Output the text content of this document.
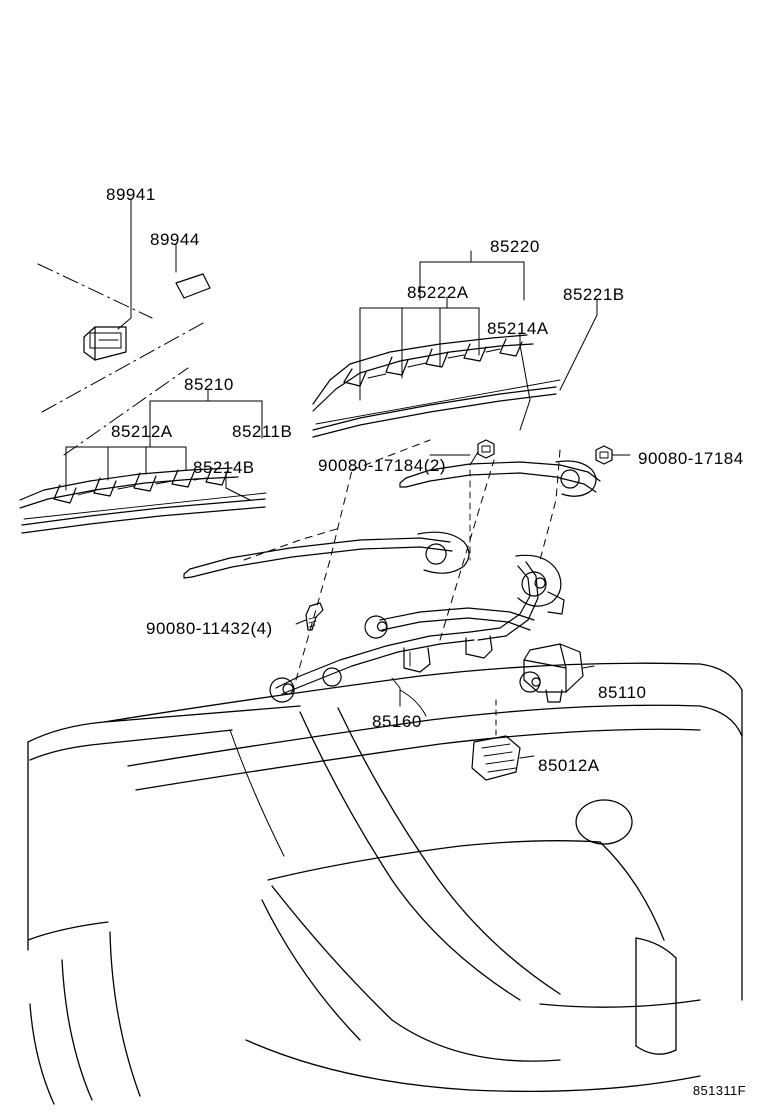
89941
89944	85220
85222A	85221B
85214A
85210
85212A	85211B
85214B	90080-17184(2)	90080-17184
90080-11432(4)
85110
85160
85012A
851311F
